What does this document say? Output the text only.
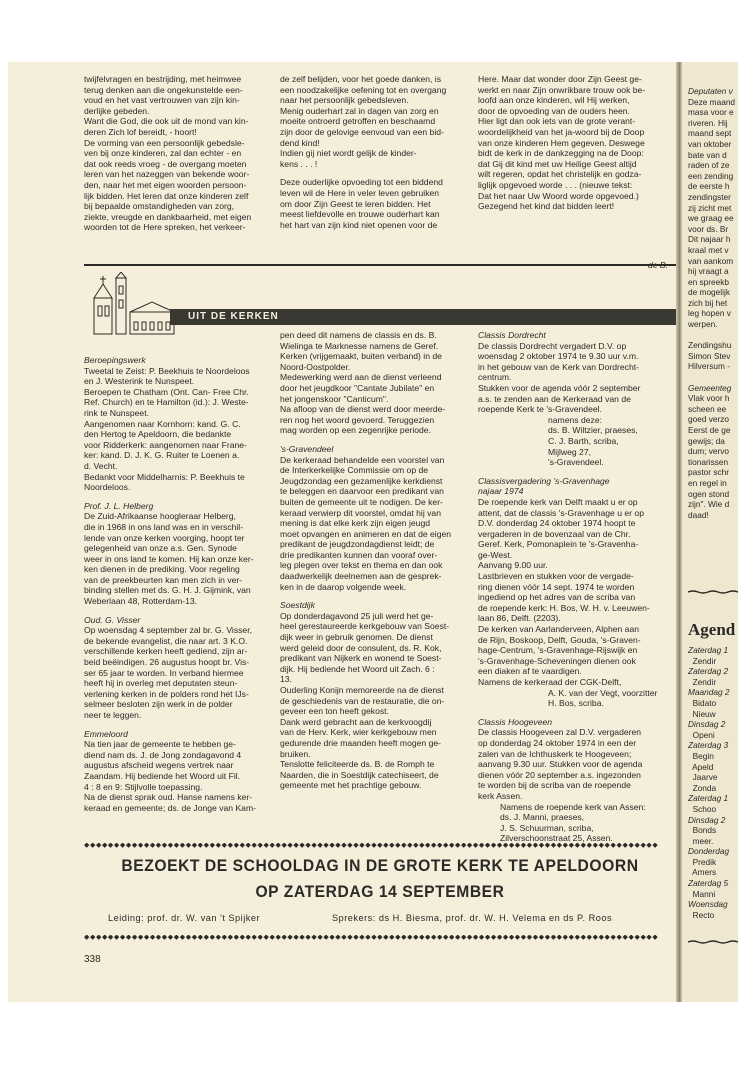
twijfelvragen en bestrijding, met heimwee

terug denken aan die ongekunstelde een-

voud en het vast vertrouwen van zijn kin-

derlijke gebeden.

Want die God, die ook uit de mond van kin-

deren Zich lof bereidt, - hoort!

De vorming van een persoonlijk gebedsle-

ven bij onze kinderen, zal dan echter - en

dat ook reeds vroeg - de overgang moeten

leren van het nazeggen van bekende woor-

den, naar het met eigen woorden persoon-

lijk bidden. Het leren dat onze kinderen zelf

bij bepaalde omstandigheden van zorg,

ziekte, vreugde en dankbaarheid, met eigen

woorden tot de Here spreken, het verkeer-

de zelf belijden, voor het goede danken, is

een noodzakelijke oefening tot en overgang

naar het persoonlijk gebedsleven.

Menig ouderhart zal in dagen van zorg en

moeite ontroerd getroffen en beschaamd

zijn door de gelovige eenvoud van een bid-

dend kind!

Indien gij niet wordt gelijk de kinder-

kens . . . !

Deze ouderlijke opvoeding tot een biddend

leven wil de Here in veler leven gebruiken

om door Zijn Geest te leren bidden. Het

meest liefdevolle en trouwe ouderhart kan

het hart van zijn kind niet openen voor de

Here. Maar dat wonder door Zijn Geest ge-

werkt en naar Zijn onwrikbare trouw ook be-

loofd aan onze kinderen, wil Hij werken,

door de opvoeding van de ouders heen.

Hier ligt dan ook iets van de grote verant-

woordelijkheid van het ja-woord bij de Doop

van onze kinderen Hem gegeven. Deswege

bidt de kerk in de dankzegging na de Doop:

dat Gij dit kind met uw Heilige Geest altijd

wilt regeren, opdat het christelijk en godza-

liglijk opgevoed worde . . . (nieuwe tekst:

Dat het naar Uw Woord worde opgevoed.)

Gezegend het kind dat bidden leert!

UIT DE KERKEN

Beroepingswerk

Tweetal te Zeist: P. Beekhuis te Noordeloos

en J. Westerink te Nunspeet.

Beroepen te Chatham (Ont. Can- Free Chr.

Ref. Church) en te Hamilton (id.): J. Weste-

rink te Nunspeet.

Aangenomen naar Kornhorn: kand. G. C.

den Hertog te Apeldoorn, die bedankte

voor Ridderkerk: aangenomen naar Frane-

ker: kand. D. J. K. G. Ruiter te Loenen a.

d. Vecht.

Bedankt voor Middelharnis: P. Beekhuis te

Noordeloos.

Prof. J. L. Helberg

De Zuid-Afrikaanse hoogleraar Helberg,

die in 1968 in ons land was en in verschil-

lende van onze kerken voorging, hoopt ter

gelegenheid van onze a.s. Gen. Synode

weer in ons land te komen. Hij kan onze ker-

ken dienen in de prediking. Voor regeling

van de preekbeurten kan men zich in ver-

binding stellen met ds. G. H. J. Gijmink, van

Weberlaan 48, Rotterdam-13.

Oud. G. Visser

Op woensdag 4 september zal br. G. Visser,

de bekende evangelist, die naar art. 3 K.O.

verschillende kerken heeft gediend, zijn ar-

beid beëindigen. 26 augustus hoopt br. Vis-

ser 65 jaar te worden. In verband hiermee

heeft hij in overleg met deputaten steun-

verlening kerken in de polders rond het IJs-

selmeer besloten zijn werk in de polder

neer te leggen.

Emmeloord

Na tien jaar de gemeente te hebben ge-

diend nam ds. J. de Jong zondagavond 4

augustus afscheid wegens vertrek naar

Zaandam. Hij bediende het Woord uit Fil.

4 : 8 en 9: Stijlvolle toepassing.

Na de dienst sprak oud. Hanse namens ker-

keraad en gemeente; ds. de Jonge van Kam-

pen deed dit namens de classis en ds. B.

Wielinga te Marknesse namens de Geref.

Kerken (vrijgemaakt, buiten verband) in de

Noord-Oostpolder.

Medewerking werd aan de dienst verleend

door het jeugdkoor "Cantate Jubilate" en

het jongenskoor "Canticum".

Na afloop van de dienst werd door meerde-

ren nog het woord gevoerd. Teruggezien

mag worden op een zegenrijke periode.

's-Gravendeel

De kerkeraad behandelde een voorstel van

de Interkerkelijke Commissie om op de

Jeugdzondag een gezamenlijke kerkdienst

te beleggen en daarvoor een predikant van

buiten de gemeente uit te nodigen. De ker-

keraad verwierp dit voorstel, omdat hij van

mening is dat elke kerk zijn eigen jeugd

moet opvangen en animeren en dat de eigen

predikant de jeugdzondagdienst leidt; de

drie predikanten kunnen dan vooraf over-

leg plegen over tekst en thema en dan ook

daadwerkelijk deelnemen aan de gesprek-

ken in de daarop volgende week.

Soestdijk

Op donderdagavond 25 juli werd het ge-

heel gerestaureerde kerkgebouw van Soest-

dijk weer in gebruik genomen. De dienst

werd geleid door de consulent, ds. R. Kok,

predikant van Nijkerk en wonend te Soest-

dijk. Hij bediende het Woord uit Zach. 6 :

13.

Ouderling Konijn memoreerde na de dienst

de geschiedenis van de restauratie, die on-

geveer een ton heeft gekost.

Dank werd gebracht aan de kerkvoogdij

van de Herv. Kerk, wier kerkgebouw men

gedurende drie maanden heeft mogen ge-

bruiken.

Tenslotte feliciteerde ds. B. de Romph te

Naarden, die in Soestdijk catechiseert, de

gemeente met het prachtige gebouw.

Classis Dordrecht

De classis Dordrecht vergadert D.V. op

woensdag 2 oktober 1974 te 9.30 uur v.m.

in het gebouw van de Kerk van Dordrecht-

centrum.

Stukken voor de agenda vóór 2 september

a.s. te zenden aan de Kerkeraad van de

roepende Kerk te 's-Gravendeel.

namens deze:

ds. B. Wiltzier, praeses,

C. J. Barth, scriba,

Mijlweg 27,

's-Gravendeel.

Classisvergadering 's-Gravenhage

najaar 1974

De roepende kerk van Delft maakt u er op

attent, dat de classis 's-Gravenhage u er op

D.V. donderdag 24 oktober 1974 hoopt te

vergaderen in de bovenzaal van de Chr.

Geref. Kerk, Pomonaplein te 's-Gravenha-

ge-West.

Aanvang 9.00 uur.

Lastbrieven en stukken voor de vergade-

ring dienen vóór 14 sept. 1974 te worden

ingediend op het adres van de scriba van

de roepende kerk: H. Bos, W. H. v. Leeuwen-

laan 86, Delft. (2203).

De kerken van Aarlanderveen, Alphen aan

de Rijn, Boskoop, Delft, Gouda, 's-Graven-

hage-Centrum, 's-Gravenhage-Rijswijk en

's-Gravenhage-Scheveningen dienen ook

een diaken af te vaardigen.

Namens de kerkeraad der CGK-Delft,

A. K. van der Vegt, voorzitter

H. Bos, scriba.

Classis Hoogeveen

De classis Hoogeveen zal D.V. vergaderen

op donderdag 24 oktober 1974 in een der

zalen van de Ichthuskerk te Hoogeveen;

aanvang 9.30 uur. Stukken voor de agenda

dienen vóór 20 september a.s. ingezonden

te worden bij de scriba van de roepende

kerk Assen.

Namens de roepende kerk van Assen:

ds. J. Manni, praeses,

J. S. Schuurman, scriba,

Zilverschoonstraat 25, Assen.

◆◆◆◆◆◆◆◆◆◆◆◆◆◆◆◆◆◆◆◆◆◆◆◆◆◆◆◆◆◆◆◆◆◆◆◆◆◆◆◆◆◆◆◆◆◆◆◆◆◆◆◆◆◆◆◆◆◆◆◆◆◆◆◆◆◆◆◆◆◆◆◆◆◆◆◆◆◆◆◆◆◆◆◆◆◆◆◆◆◆◆◆◆◆◆◆
BEZOEKT DE SCHOOLDAG IN DE GROTE KERK TE APELDOORN
OP ZATERDAG 14 SEPTEMBER
Leiding: prof. dr. W. van 't Spijker	Sprekers: ds H. Biesma, prof. dr. W. H. Velema en ds P. Roos
◆◆◆◆◆◆◆◆◆◆◆◆◆◆◆◆◆◆◆◆◆◆◆◆◆◆◆◆◆◆◆◆◆◆◆◆◆◆◆◆◆◆◆◆◆◆◆◆◆◆◆◆◆◆◆◆◆◆◆◆◆◆◆◆◆◆◆◆◆◆◆◆◆◆◆◆◆◆◆◆◆◆◆◆◆◆◆◆◆◆◆◆◆◆◆◆
338

Deputaten v

Deze maand

masa voor e

riveren. Hij

maand sept

van oktober

bate van d

raden of ze

een zending

de eerste h

zendingster

zij zicht met

we graag ee

voor ds. Br

Dit najaar h

kraal met v

van aankom

hij vraagt a

en spreekb

de mogelijk

zich bij het

leg hopen v

werpen.

Zendingshu

Simon Stev

Hilversum -

Gemeenteg

Vlak voor h

scheen ee

goed verzo

Eerst de ge

gewijs; da

dum; vervo

tionarissen

pastor schr

en regel in

ogen stond

zijn". Wie d

daad!

Agend

Zaterdag 1

Zendir

Zaterdag 2

Zendir

Maandag 2

Bidato

Nieuw

Dinsdag 2

Openi

Zaterdag 3

Begin

Apeld

Jaarve

Zonda

Zaterdag 1

Schoo

Dinsdag 2

Bonds

meer.

Donderdag

Predik

Amers

Zaterdag 5

Manni

Woensdag

Recto
